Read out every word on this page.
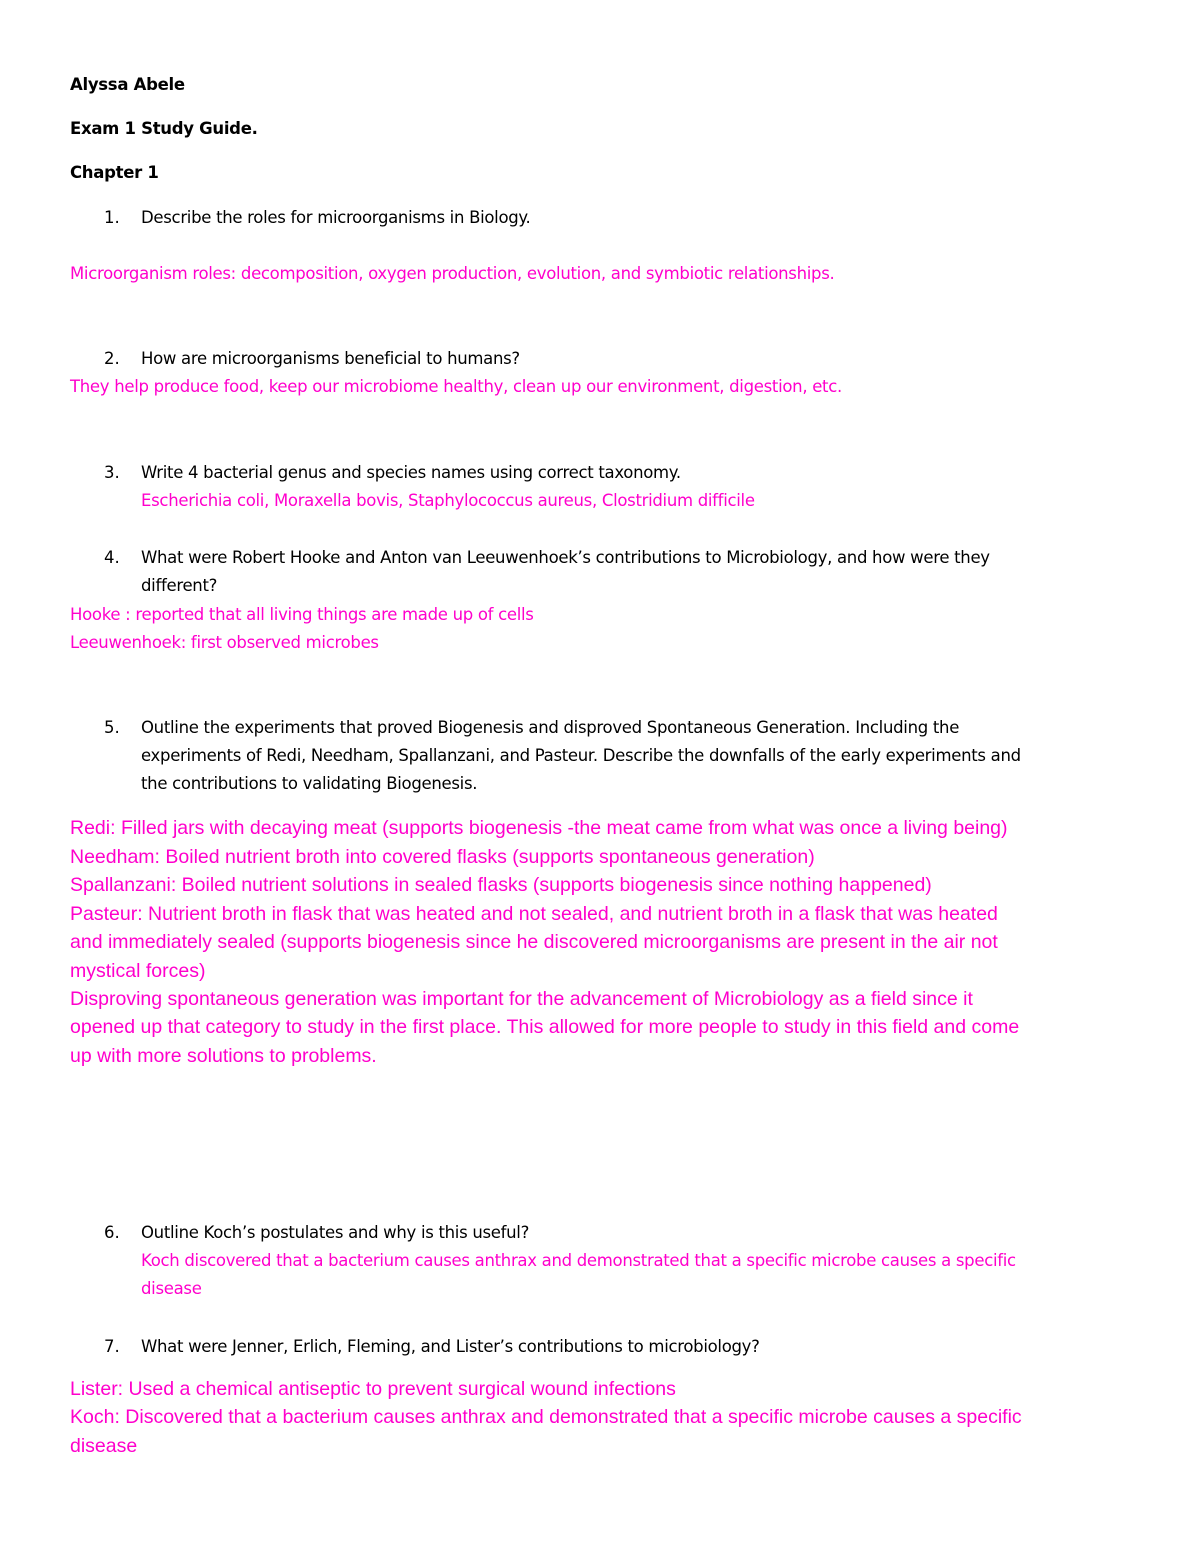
Alyssa Abele
Exam 1 Study Guide.
Chapter 1
1. Describe the roles for microorganisms in Biology.
Microorganism roles: decomposition, oxygen production, evolution, and symbiotic relationships.
2. How are microorganisms beneficial to humans?
They help produce food, keep our microbiome healthy, clean up our environment, digestion, etc.
3. Write 4 bacterial genus and species names using correct taxonomy.
Escherichia coli, Moraxella bovis, Staphylococcus aureus, Clostridium difficile
4. What were Robert Hooke and Anton van Leeuwenhoek’s contributions to Microbiology, and how were they
different?
Hooke : reported that all living things are made up of cells
Leeuwenhoek: first observed microbes
5. Outline the experiments that proved Biogenesis and disproved Spontaneous Generation. Including the
experiments of Redi, Needham, Spallanzani, and Pasteur. Describe the downfalls of the early experiments and
the contributions to validating Biogenesis.
Redi: Filled jars with decaying meat (supports biogenesis -the meat came from what was once a living being)
Needham: Boiled nutrient broth into covered flasks (supports spontaneous generation)
Spallanzani: Boiled nutrient solutions in sealed flasks (supports biogenesis since nothing happened)
Pasteur: Nutrient broth in flask that was heated and not sealed, and nutrient broth in a flask that was heated
and immediately sealed (supports biogenesis since he discovered microorganisms are present in the air not
mystical forces)
Disproving spontaneous generation was important for the advancement of Microbiology as a field since it
opened up that category to study in the first place. This allowed for more people to study in this field and come
up with more solutions to problems.
6. Outline Koch’s postulates and why is this useful?
Koch discovered that a bacterium causes anthrax and demonstrated that a specific microbe causes a specific
disease
7. What were Jenner, Erlich, Fleming, and Lister’s contributions to microbiology?
Lister: Used a chemical antiseptic to prevent surgical wound infections
Koch: Discovered that a bacterium causes anthrax and demonstrated that a specific microbe causes a specific
disease
